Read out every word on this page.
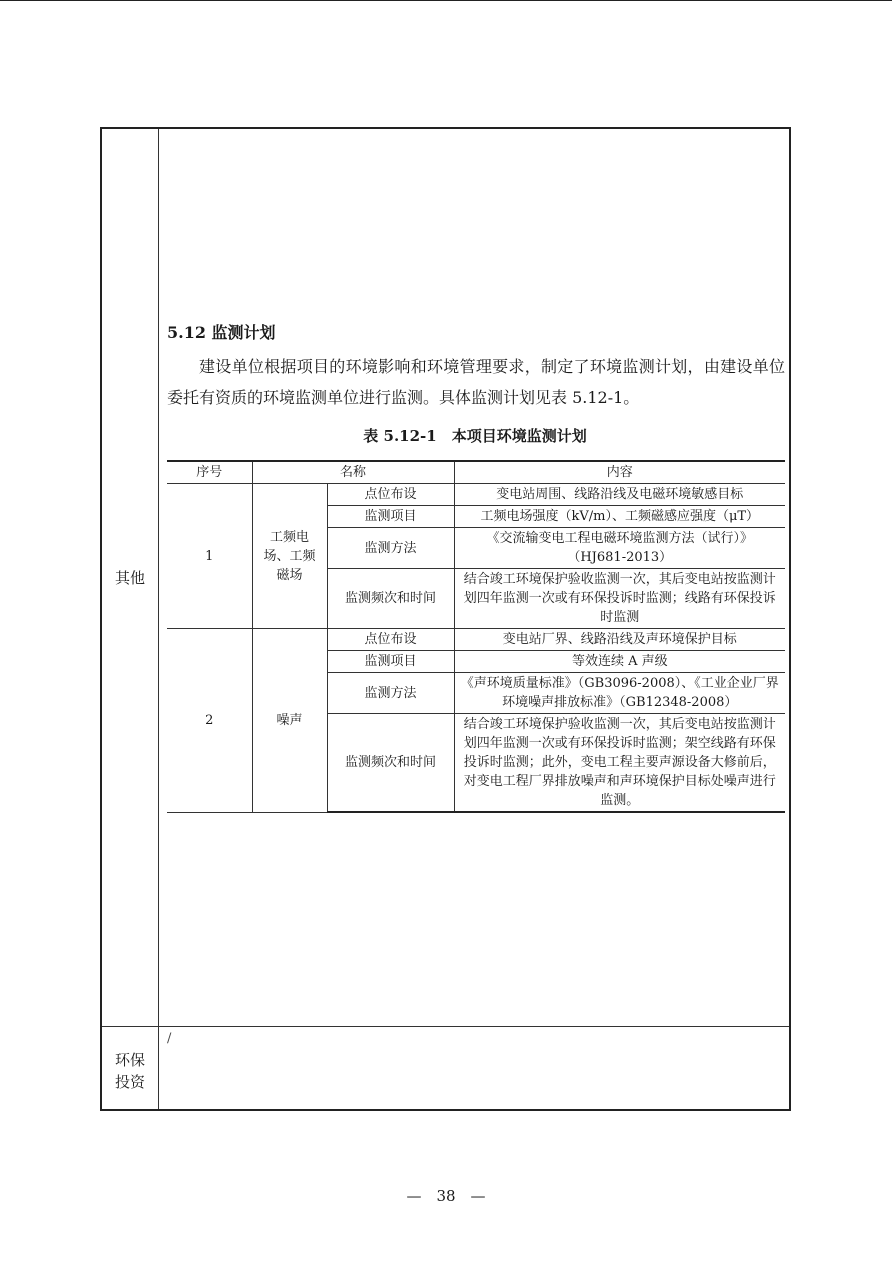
其他
环保
投资
5.12 监测计划
建设单位根据项目的环境影响和环境管理要求，制定了环境监测计划，由建设单位委托有资质的环境监测单位进行监测。具体监测计划见表 5.12-1。
表 5.12-1　本项目环境监测计划
序号	名称		内容
1	工频电场、工频磁场	点位布设	变电站周围、线路沿线及电磁环境敏感目标
		监测项目	工频电场强度（kV/m）、工频磁感应强度（μT）
		监测方法	《交流输变电工程电磁环境监测方法（试行）》（HJ681-2013）
		监测频次和时间	结合竣工环境保护验收监测一次，其后变电站按监测计划四年监测一次或有环保投诉时监测；线路有环保投诉时监测
2	噪声	点位布设	变电站厂界、线路沿线及声环境保护目标
		监测项目	等效连续 A 声级
		监测方法	《声环境质量标准》（GB3096-2008）、《工业企业厂界环境噪声排放标准》（GB12348-2008）
		监测频次和时间	结合竣工环境保护验收监测一次，其后变电站按监测计划四年监测一次或有环保投诉时监测；架空线路有环保投诉时监测；此外，变电工程主要声源设备大修前后，对变电工程厂界排放噪声和声环境保护目标处噪声进行监测。
/
—　38　—
